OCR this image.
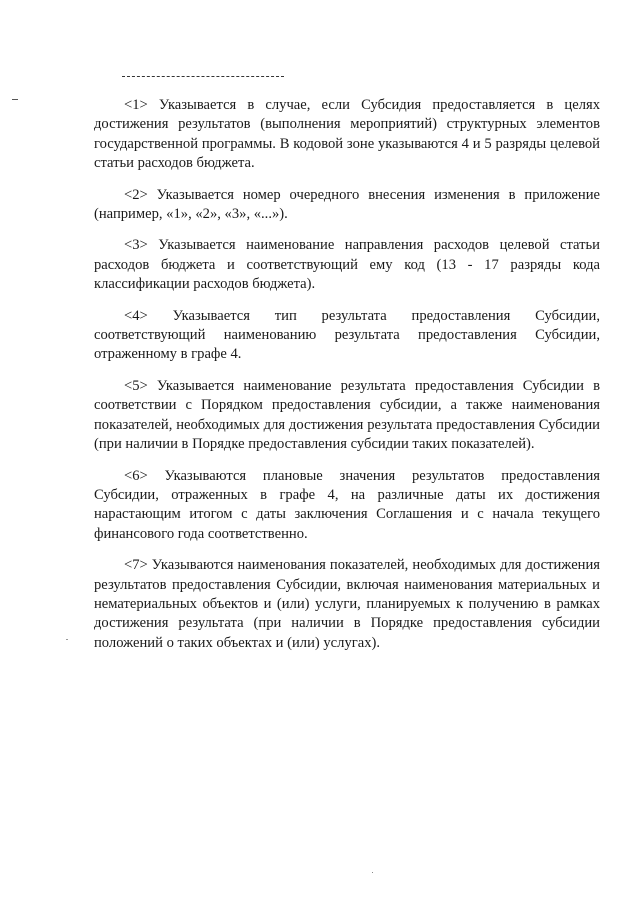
<1> Указывается в случае, если Субсидия предоставляется в целях достижения результатов (выполнения мероприятий) структурных элементов государственной программы. В кодовой зоне указываются 4 и 5 разряды целевой статьи расходов бюджета.

<2> Указывается номер очередного внесения изменения в приложение (например, «1», «2», «3», «...»).

<3> Указывается наименование направления расходов целевой статьи расходов бюджета и соответствующий ему код (13 - 17 разряды кода классификации расходов бюджета).

<4> Указывается тип результата предоставления Субсидии, соответствующий наименованию результата предоставления Субсидии, отраженному в графе 4.

<5> Указывается наименование результата предоставления Субсидии в соответствии с Порядком предоставления субсидии, а также наименования показателей, необходимых для достижения результата предоставления Субсидии (при наличии в Порядке предоставления субсидии таких показателей).

<6> Указываются плановые значения результатов предоставления Субсидии, отраженных в графе 4, на различные даты их достижения нарастающим итогом с даты заключения Соглашения и с начала текущего финансового года соответственно.

<7> Указываются наименования показателей, необходимых для достижения результатов предоставления Субсидии, включая наименования материальных и нематериальных объектов и (или) услуги, планируемых к получению в рамках достижения результата (при наличии в Порядке предоставления субсидии положений о таких объектах и (или) услугах).
